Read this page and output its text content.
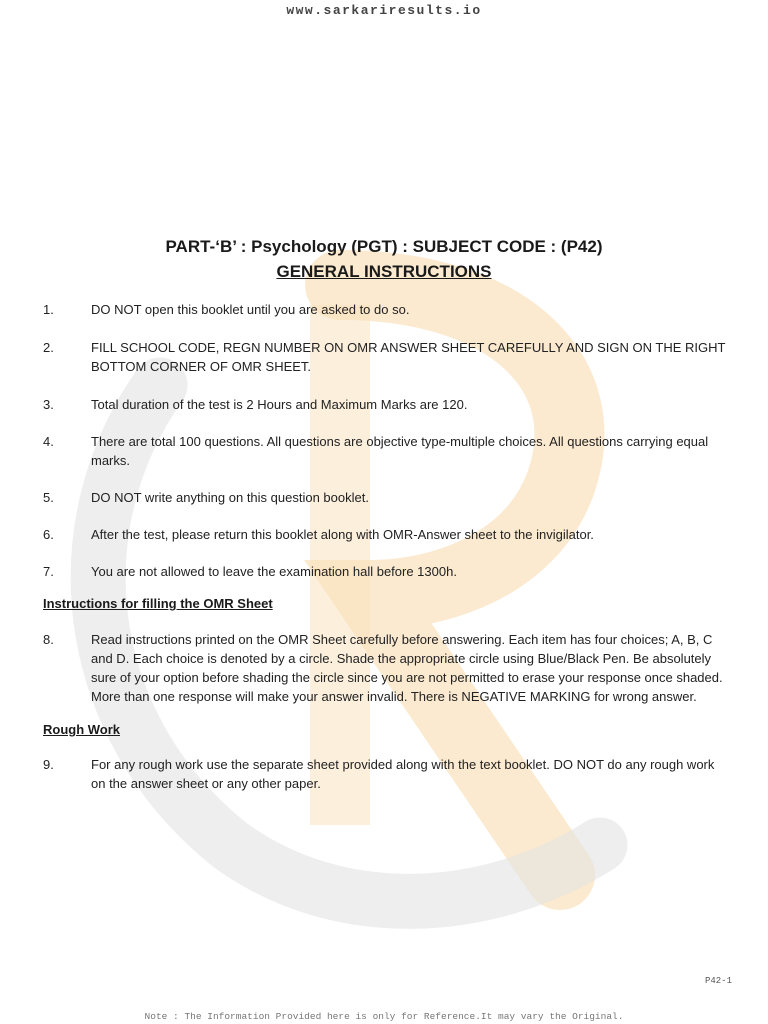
www.sarkariresults.io
PART-‘B’ : Psychology (PGT) : SUBJECT CODE : (P42)
GENERAL INSTRUCTIONS
1.	DO NOT open this booklet until you are asked to do so.
2.	FILL SCHOOL CODE, REGN NUMBER ON OMR ANSWER SHEET CAREFULLY AND SIGN ON THE RIGHT BOTTOM CORNER OF OMR SHEET.
3.	Total duration of the test is 2 Hours and Maximum Marks are 120.
4.	There are total 100 questions. All questions are objective type-multiple choices. All questions carrying equal marks.
5.	DO NOT write anything on this question booklet.
6.	After the test, please return this booklet along with OMR-Answer sheet to the invigilator.
7.	You are not allowed to leave the examination hall before 1300h.
Instructions for filling the OMR Sheet
8.	Read instructions printed on the OMR Sheet carefully before answering. Each item has four choices; A, B, C and D. Each choice is denoted by a circle. Shade the appropriate circle using Blue/Black Pen. Be absolutely sure of your option before shading the circle since you are not permitted to erase your response once shaded. More than one response will make your answer invalid. There is NEGATIVE MARKING for wrong answer.
Rough Work
9.	For any rough work use the separate sheet provided along with the text booklet. DO NOT do any rough work on the answer sheet or any other paper.
P42-1
Note : The Information Provided here is only for Reference.It may vary the Original.
